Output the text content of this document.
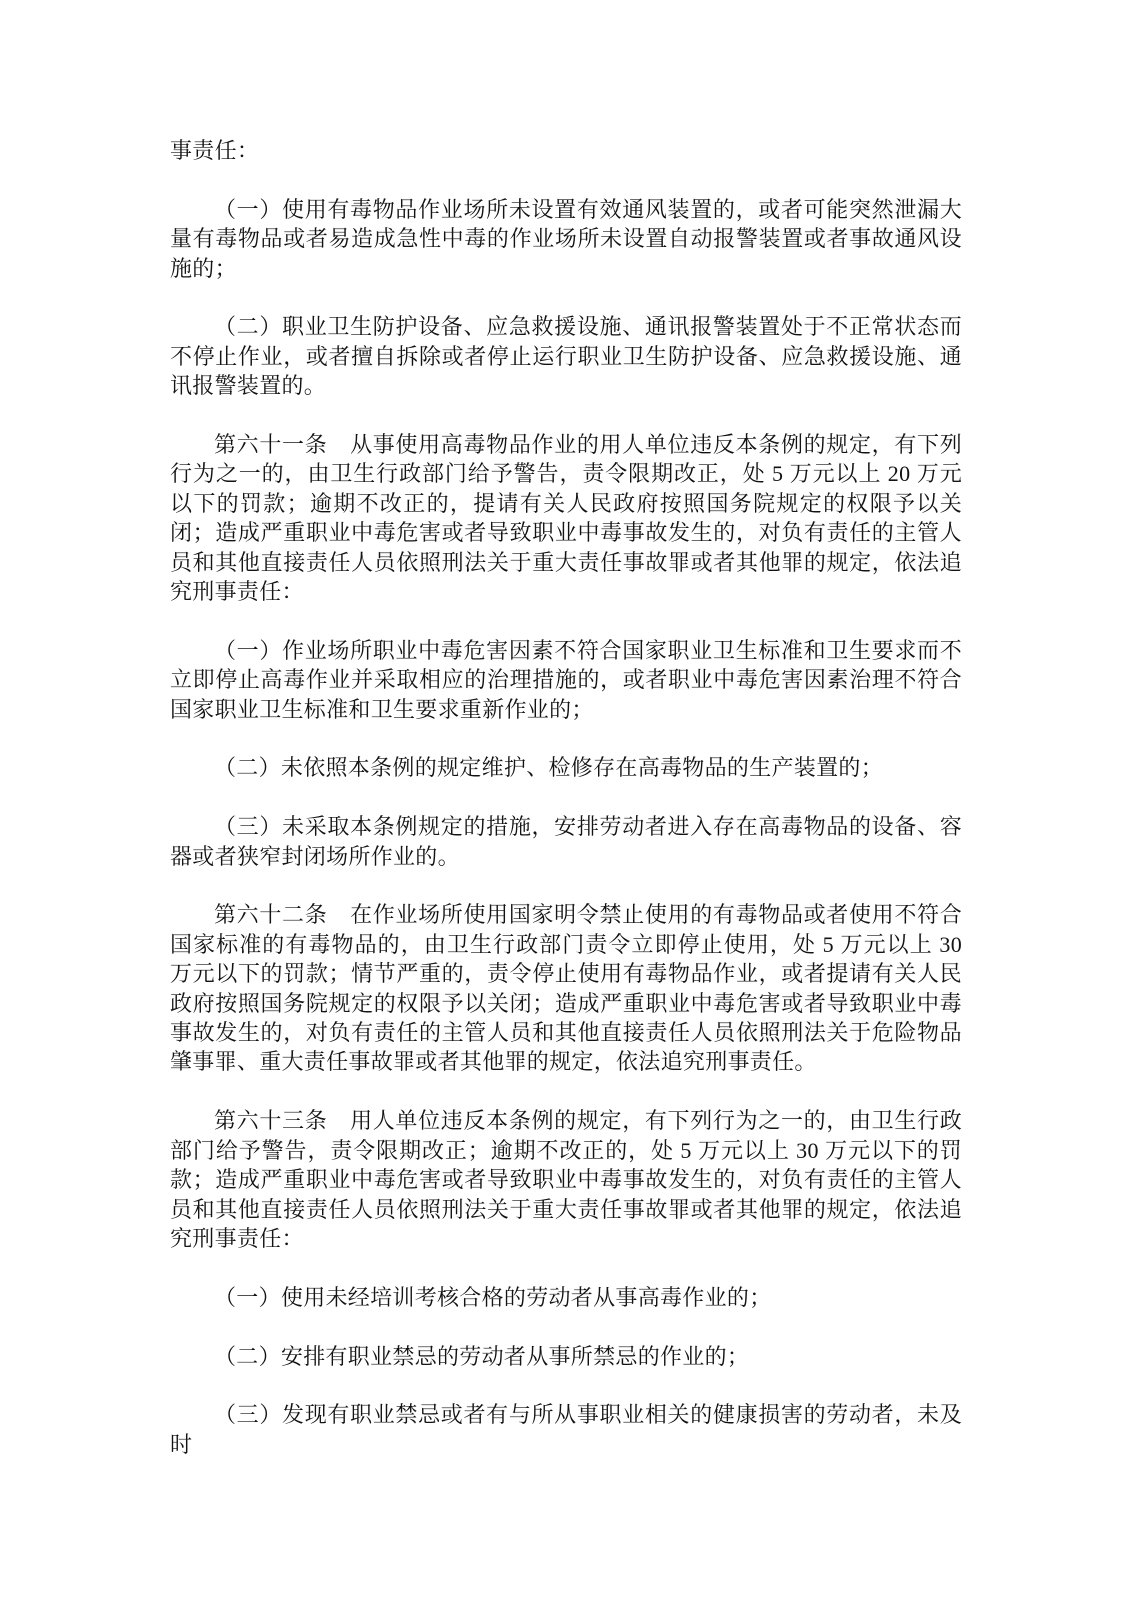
事责任：

（一）使用有毒物品作业场所未设置有效通风装置的，或者可能突然泄漏大量有毒物品或者易造成急性中毒的作业场所未设置自动报警装置或者事故通风设施的；

（二）职业卫生防护设备、应急救援设施、通讯报警装置处于不正常状态而不停止作业，或者擅自拆除或者停止运行职业卫生防护设备、应急救援设施、通讯报警装置的。

第六十一条　从事使用高毒物品作业的用人单位违反本条例的规定，有下列行为之一的，由卫生行政部门给予警告，责令限期改正，处 5 万元以上 20 万元以下的罚款；逾期不改正的，提请有关人民政府按照国务院规定的权限予以关闭；造成严重职业中毒危害或者导致职业中毒事故发生的，对负有责任的主管人员和其他直接责任人员依照刑法关于重大责任事故罪或者其他罪的规定，依法追究刑事责任：

（一）作业场所职业中毒危害因素不符合国家职业卫生标准和卫生要求而不立即停止高毒作业并采取相应的治理措施的，或者职业中毒危害因素治理不符合国家职业卫生标准和卫生要求重新作业的；

（二）未依照本条例的规定维护、检修存在高毒物品的生产装置的；

（三）未采取本条例规定的措施，安排劳动者进入存在高毒物品的设备、容器或者狭窄封闭场所作业的。

第六十二条　在作业场所使用国家明令禁止使用的有毒物品或者使用不符合国家标准的有毒物品的，由卫生行政部门责令立即停止使用，处 5 万元以上 30 万元以下的罚款；情节严重的，责令停止使用有毒物品作业，或者提请有关人民政府按照国务院规定的权限予以关闭；造成严重职业中毒危害或者导致职业中毒事故发生的，对负有责任的主管人员和其他直接责任人员依照刑法关于危险物品肇事罪、重大责任事故罪或者其他罪的规定，依法追究刑事责任。

第六十三条　用人单位违反本条例的规定，有下列行为之一的，由卫生行政部门给予警告，责令限期改正；逾期不改正的，处 5 万元以上 30 万元以下的罚款；造成严重职业中毒危害或者导致职业中毒事故发生的，对负有责任的主管人员和其他直接责任人员依照刑法关于重大责任事故罪或者其他罪的规定，依法追究刑事责任：

（一）使用未经培训考核合格的劳动者从事高毒作业的；

（二）安排有职业禁忌的劳动者从事所禁忌的作业的；

（三）发现有职业禁忌或者有与所从事职业相关的健康损害的劳动者，未及时
